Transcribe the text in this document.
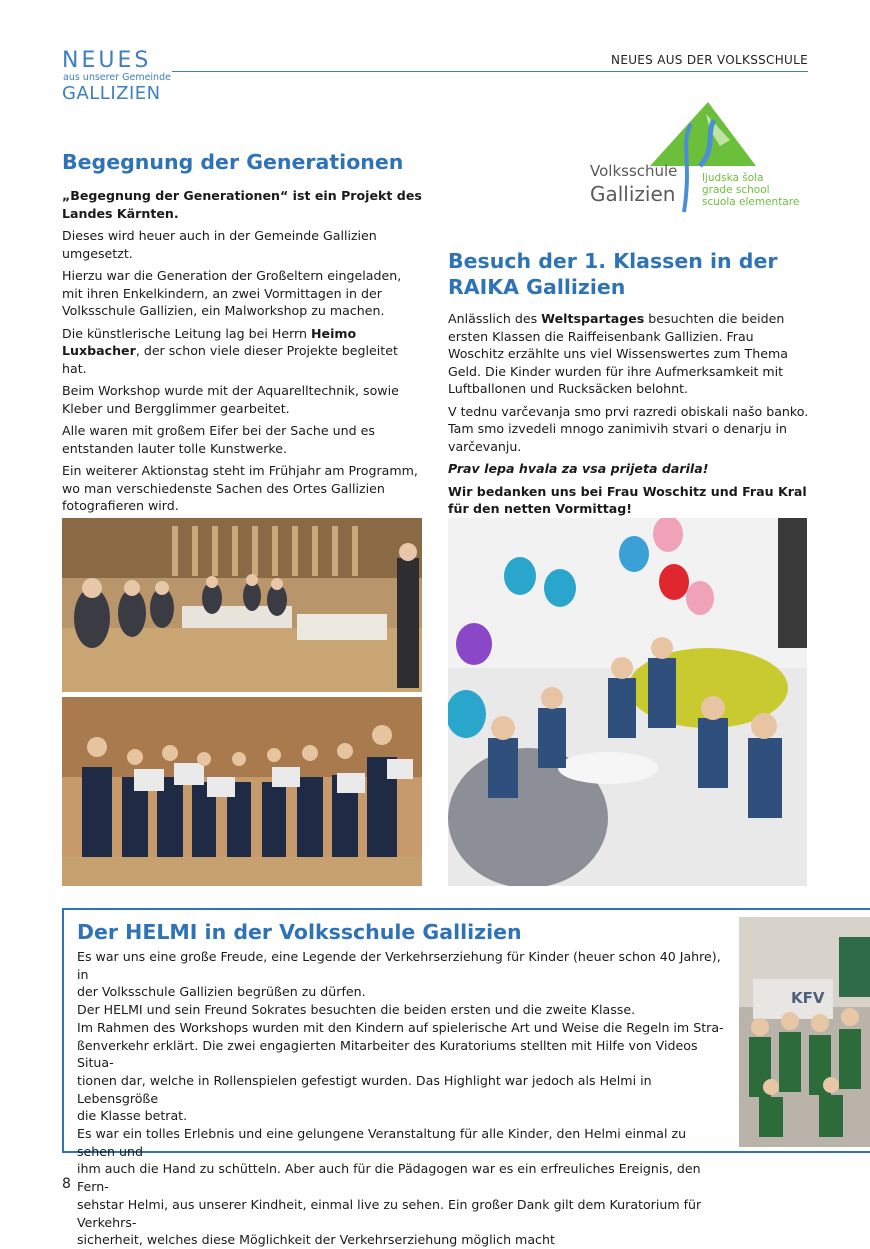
NEUES
aus unserer Gemeinde
GALLIZIEN
NEUES AUS DER VOLKSSCHULE
Begegnung der Generationen

„Begegnung der Generationen“ ist ein Projekt des Landes Kärnten.

Dieses wird heuer auch in der Gemeinde Gallizien umgesetzt.

Hierzu war die Generation der Großeltern eingeladen, mit ihren Enkelkindern, an zwei Vormittagen in der Volksschule Gallizien, ein Malworkshop zu machen.

Die künstlerische Leitung lag bei Herrn Heimo Luxbacher, der schon viele dieser Projekte begleitet hat.

Beim Workshop wurde mit der Aquarelltechnik, sowie Kleber und Bergglimmer gearbeitet.

Alle waren mit großem Eifer bei der Sache und es entstanden lauter tolle Kunstwerke.

Ein weiterer Aktionstag steht im Frühjahr am Programm, wo man verschiedenste Sachen des Ortes Gallizien fotografieren wird.

Volksschule
Gallizien
ljudska šola
grade school
scuola elementare
Besuch der 1. Klassen in der
RAIKA Gallizien

Anlässlich des Weltspartages besuchten die beiden ersten Klassen die Raiffeisenbank Gallizien. Frau Woschitz erzählte uns viel Wissenswertes zum Thema Geld. Die Kinder wurden für ihre Aufmerksamkeit mit Luftballonen und Rucksäcken belohnt.

V tednu varčevanja smo prvi razredi obiskali našo banko. Tam smo izvedeli mnogo zanimivih stvari o denarju in varčevanju.

Prav lepa hvala za vsa prijeta darila!

Wir bedanken uns bei Frau Woschitz und Frau Kral für den netten Vormittag!

Der HELMI in der Volksschule Gallizien
Es war uns eine große Freude, eine Legende der Verkehrserziehung für Kinder (heuer schon 40 Jahre), in
der Volksschule Gallizien begrüßen zu dürfen.
Der HELMI und sein Freund Sokrates besuchten die beiden ersten und die zweite Klasse.
Im Rahmen des Workshops wurden mit den Kindern auf spielerische Art und Weise die Regeln im Stra-
ßenverkehr erklärt. Die zwei engagierten Mitarbeiter des Kuratoriums stellten mit Hilfe von Videos Situa-
tionen dar, welche in Rollenspielen gefestigt wurden. Das Highlight war jedoch als Helmi in Lebensgröße
die Klasse betrat.
Es war ein tolles Erlebnis und eine gelungene Veranstaltung für alle Kinder, den Helmi einmal zu sehen und
ihm auch die Hand zu schütteln. Aber auch für die Pädagogen war es ein erfreuliches Ereignis, den Fern-
sehstar Helmi, aus unserer Kindheit, einmal live zu sehen. Ein großer Dank gilt dem Kuratorium für Verkehrs-
sicherheit, welches diese Möglichkeit der Verkehrserziehung möglich macht
KFV
8
